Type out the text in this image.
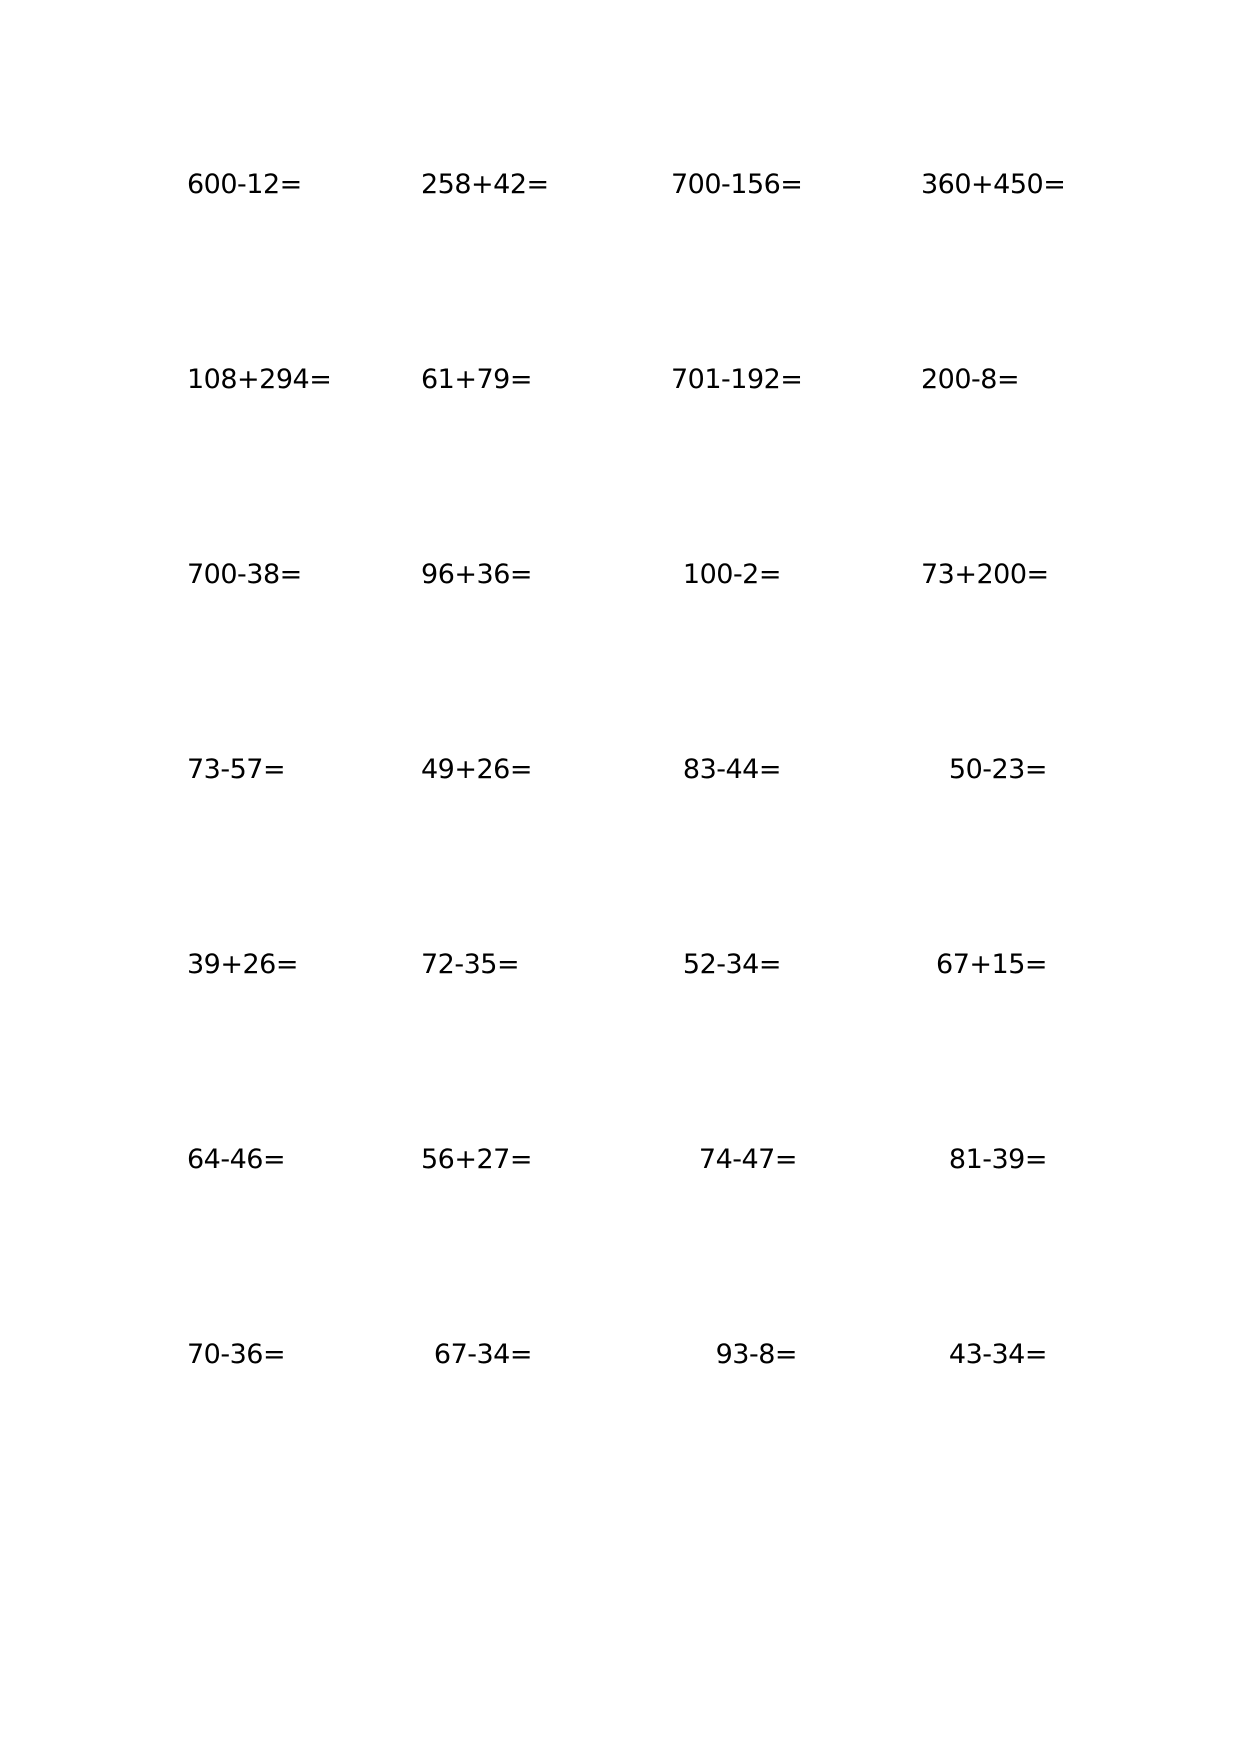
600-12=	258+42=	700-156=	360+450=
108+294=	61+79=	701-192=	200-8=
700-38=	96+36=	100-2=	73+200=
73-57=	49+26=	83-44=	50-23=
39+26=	72-35=	52-34=	67+15=
64-46=	56+27=	74-47=	81-39=
70-36=	67-34=	93-8=	43-34=
